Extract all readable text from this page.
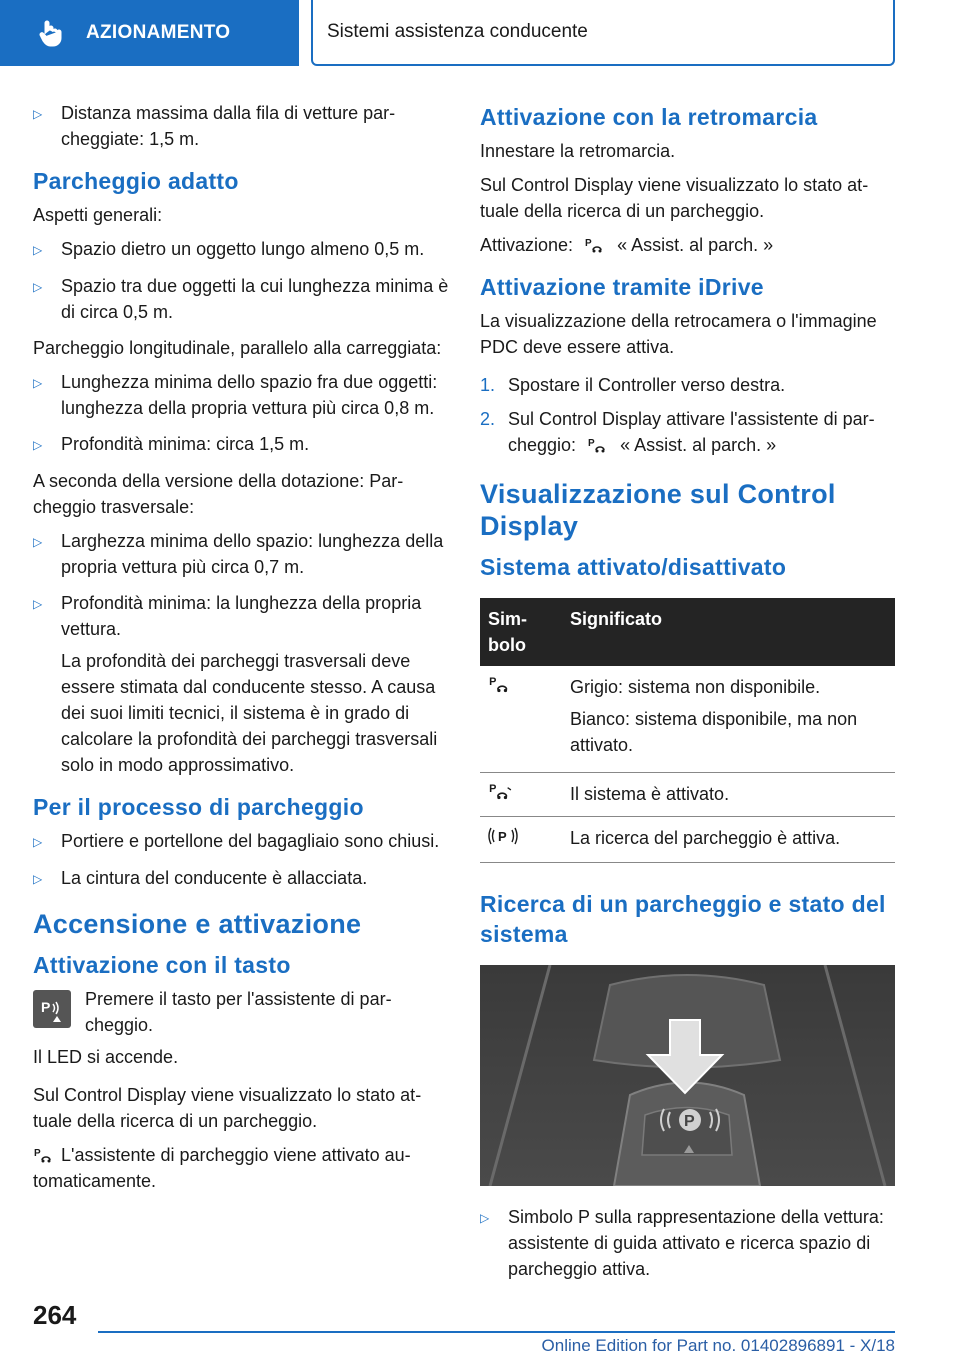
AZIONAMENTO	Sistemi assistenza conducente
▷	Distanza massima dalla fila di vetture parcheggiate: 1,5 m.
Parcheggio adatto
Aspetti generali:
▷	Spazio dietro un oggetto lungo almeno 0,5 m.
▷	Spazio tra due oggetti la cui lunghezza minima è di circa 0,5 m.
Parcheggio longitudinale, parallelo alla carreggiata:
▷	Lunghezza minima dello spazio fra due oggetti: lunghezza della propria vettura più circa 0,8 m.
▷	Profondità minima: circa 1,5 m.
A seconda della versione della dotazione: Parcheggio trasversale:
▷	Larghezza minima dello spazio: lunghezza della propria vettura più circa 0,7 m.
▷	Profondità minima: la lunghezza della propria vettura.
La profondità dei parcheggi trasversali deve essere stimata dal conducente stesso. A causa dei suoi limiti tecnici, il sistema è in grado di calcolare la profondità dei parcheggi trasversali solo in modo approssimativo.
Per il processo di parcheggio
▷	Portiere e portellone del bagagliaio sono chiusi.
▷	La cintura del conducente è allacciata.
Accensione e attivazione
Attivazione con il tasto
P Premere il tasto per l'assistente di parcheggio.
Il LED si accende.
Sul Control Display viene visualizzato lo stato attuale della ricerca di un parcheggio.
P L'assistente di parcheggio viene attivato automaticamente.
Attivazione con la retromarcia
Innestare la retromarcia.
Sul Control Display viene visualizzato lo stato attuale della ricerca di un parcheggio.
Attivazione: P « Assist. al parch. »
Attivazione tramite iDrive
La visualizzazione della retrocamera o l'immagine PDC deve essere attiva.
1. Spostare il Controller verso destra.
2. Sul Control Display attivare l'assistente di parcheggio: P « Assist. al parch. »
Visualizzazione sul Control Display
Sistema attivato/disattivato
Simbolo	Significato

P	Grigio: sistema non disponibile.

Bianco: sistema disponibile, ma non attivato.

P	Il sistema è attivato.

P	La ricerca del parcheggio è attiva.
Ricerca di un parcheggio e stato del sistema
P
▷	Simbolo P sulla rappresentazione della vettura: assistente di guida attivato e ricerca spazio di parcheggio attiva.
264
Online Edition for Part no. 01402896891 - X/18
